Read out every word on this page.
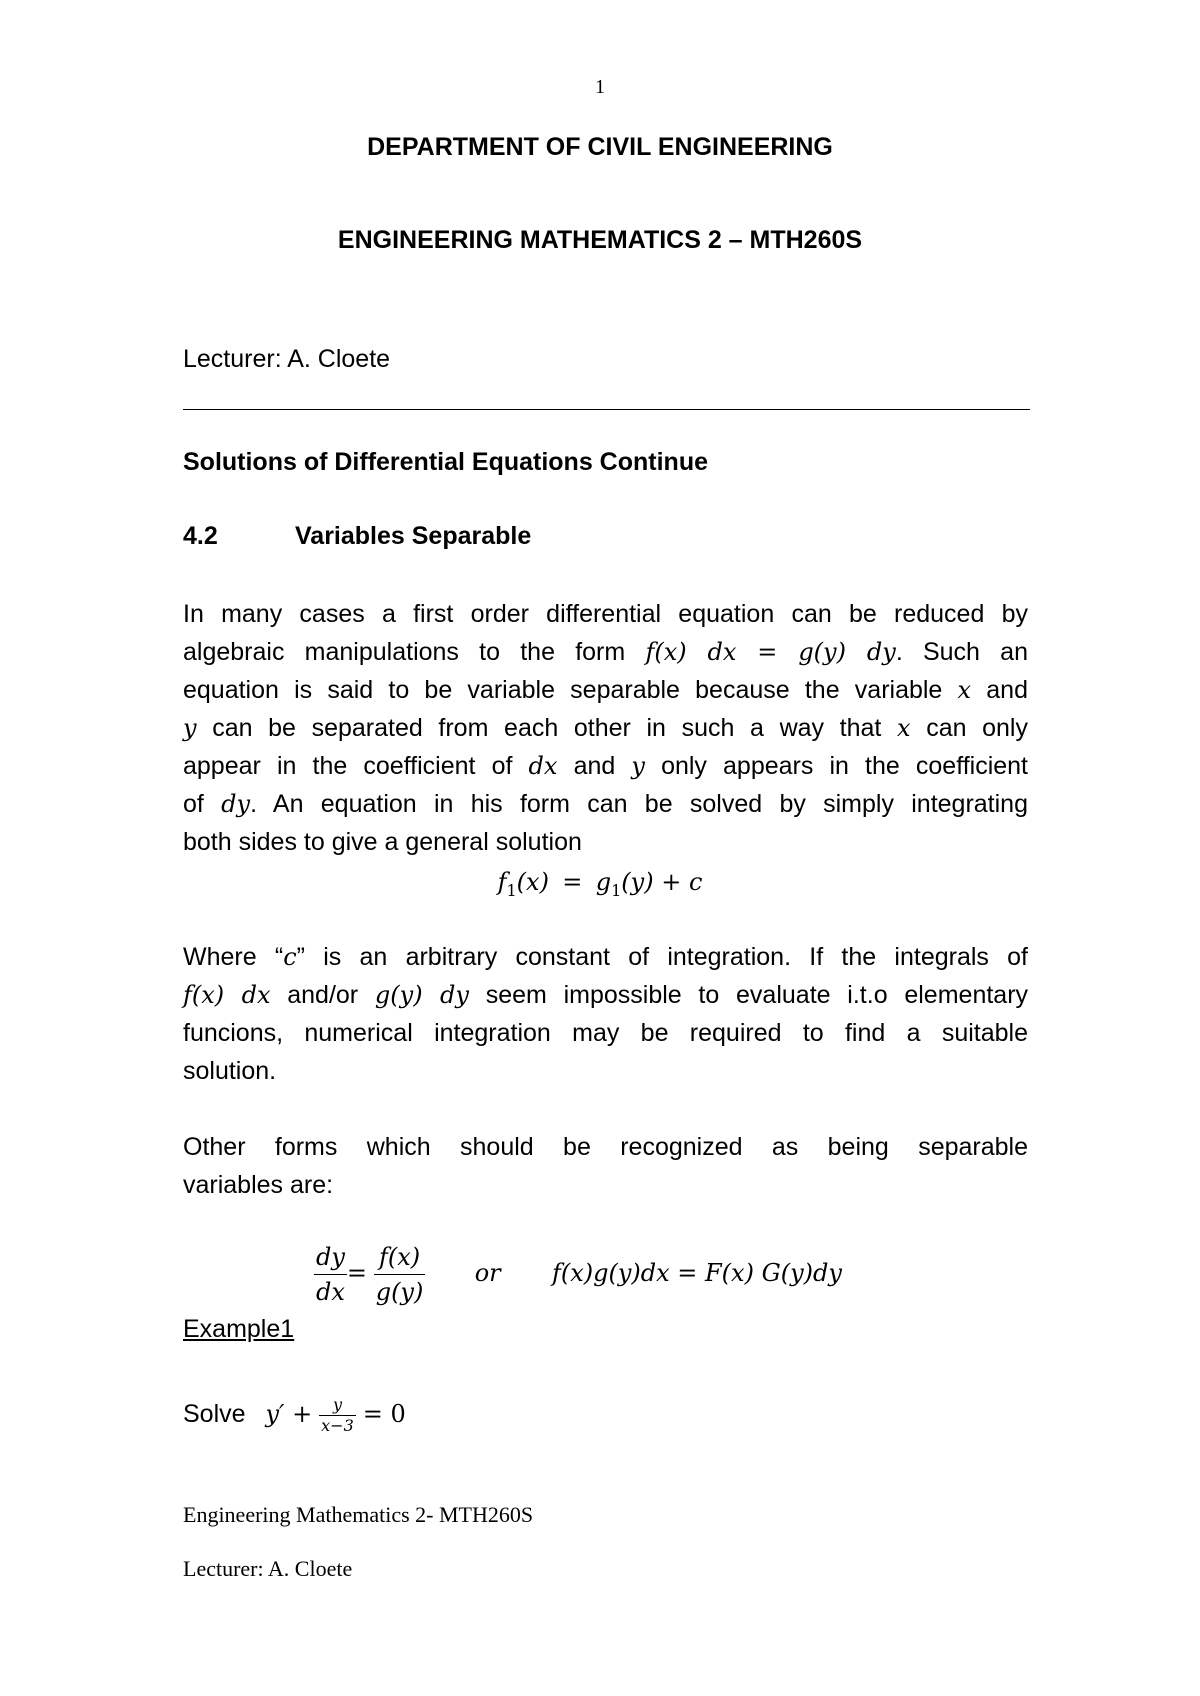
1
DEPARTMENT OF CIVIL ENGINEERING
ENGINEERING MATHEMATICS 2 – MTH260S
Lecturer: A. Cloete
Solutions of Differential Equations Continue
4.2	Variables Separable
In many cases a first order differential equation can be reduced by
algebraic manipulations to the form f(x) dx = g(y) dy. Such an
equation is said to be variable separable because the variable x and
y can be separated from each other in such a way that x can only
appear in the coefficient of dx and y only appears in the coefficient
of dy. An equation in his form can be solved by simply integrating
both sides to give a general solution
$f_1(x) = g_1(y) + c$
Where “c” is an arbitrary constant of integration. If the integrals of
f(x) dx and/or g(y) dy seem impossible to evaluate i.t.o elementary
funcions, numerical integration may be required to find a suitable
solution.
Other forms which should be recognized as being separable
variables are:
$\frac{dy}{dx} = \frac{f(x)}{g(y)}$ or f(x)g(y)dx = F(x) G(y)dy
Example1
Solve $y' + \frac{y}{x-3} = 0$
Engineering Mathematics 2- MTH260S
Lecturer: A. Cloete
